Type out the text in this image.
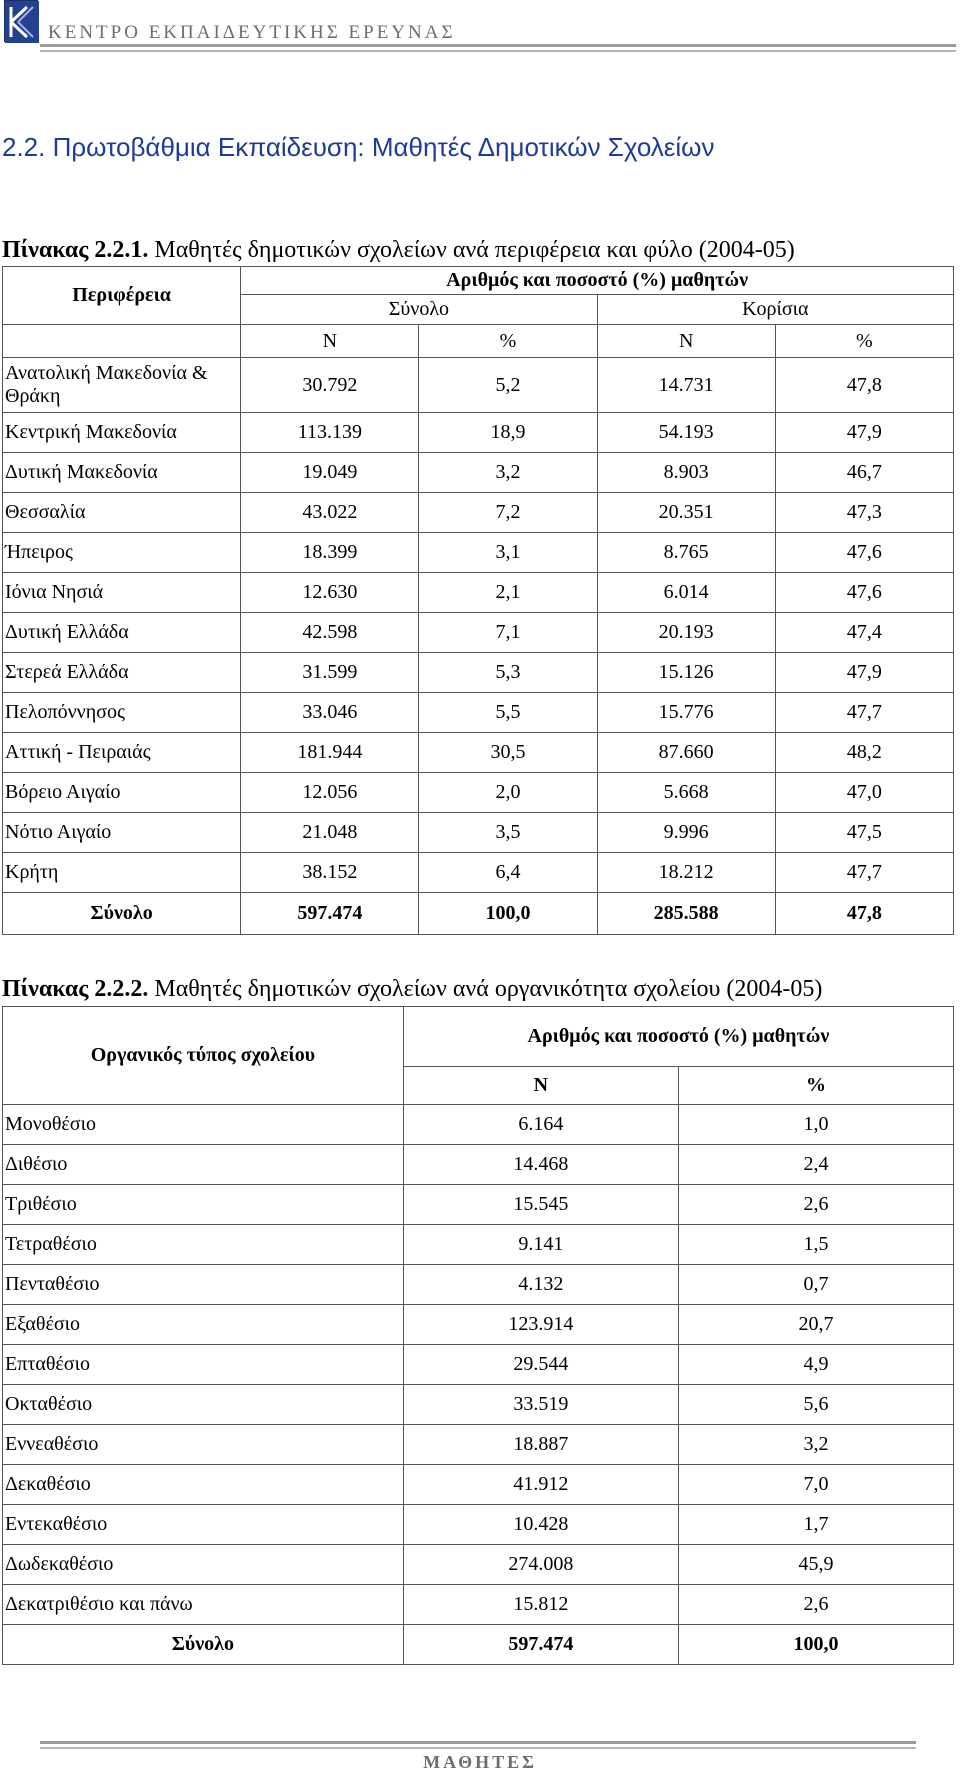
ΚΕΝΤΡΟ ΕΚΠΑΙΔΕΥΤΙΚΗΣ ΕΡΕΥΝΑΣ
2.2. Πρωτοβάθμια Εκπαίδευση: Μαθητές Δημοτικών Σχολείων
Πίνακας 2.2.1. Μαθητές δημοτικών σχολείων ανά περιφέρεια και φύλο (2004-05)
Περιφέρεια	Αριθμός και ποσοστό (%) μαθητών			
	Σύνολο		Κορίσια	
	Ν	%	Ν	%
Ανατολική Μακεδονία & Θράκη	30.792	5,2	14.731	47,8
Κεντρική Μακεδονία	113.139	18,9	54.193	47,9
Δυτική Μακεδονία	19.049	3,2	8.903	46,7
Θεσσαλία	43.022	7,2	20.351	47,3
Ήπειρος	18.399	3,1	8.765	47,6
Ιόνια Νησιά	12.630	2,1	6.014	47,6
Δυτική Ελλάδα	42.598	7,1	20.193	47,4
Στερεά Ελλάδα	31.599	5,3	15.126	47,9
Πελοπόννησος	33.046	5,5	15.776	47,7
Αττική - Πειραιάς	181.944	30,5	87.660	48,2
Βόρειο Αιγαίο	12.056	2,0	5.668	47,0
Νότιο Αιγαίο	21.048	3,5	9.996	47,5
Κρήτη	38.152	6,4	18.212	47,7
Σύνολο	597.474	100,0	285.588	47,8
Πίνακας 2.2.2. Μαθητές δημοτικών σχολείων ανά οργανικότητα σχολείου (2004-05)
Οργανικός τύπος σχολείου	Αριθμός και ποσοστό (%) μαθητών	
	Ν	%
Μονοθέσιο	6.164	1,0
Διθέσιο	14.468	2,4
Τριθέσιο	15.545	2,6
Τετραθέσιο	9.141	1,5
Πενταθέσιο	4.132	0,7
Εξαθέσιο	123.914	20,7
Επταθέσιο	29.544	4,9
Οκταθέσιο	33.519	5,6
Εννεαθέσιο	18.887	3,2
Δεκαθέσιο	41.912	7,0
Εντεκαθέσιο	10.428	1,7
Δωδεκαθέσιο	274.008	45,9
Δεκατριθέσιο και πάνω	15.812	2,6
Σύνολο	597.474	100,0
ΜΑΘΗΤΕΣ
